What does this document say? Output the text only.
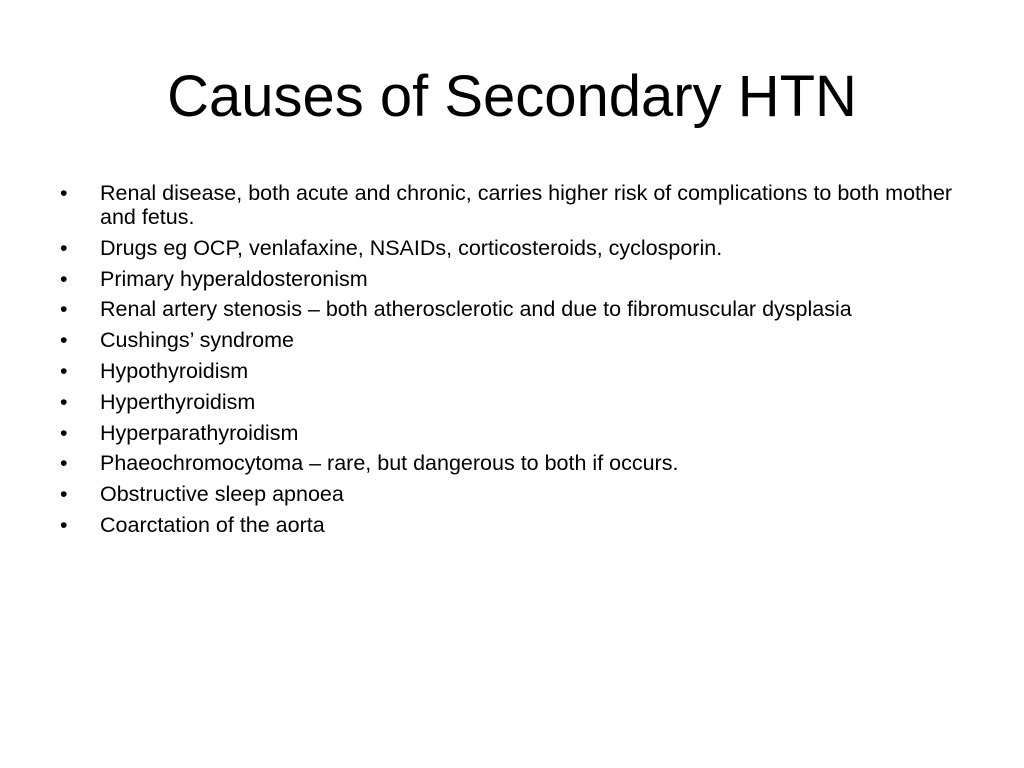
Causes of Secondary HTN
•	Renal disease, both acute and chronic, carries higher risk of complications to both mother and fetus.
•	Drugs eg OCP, venlafaxine, NSAIDs, corticosteroids, cyclosporin.
•	Primary hyperaldosteronism
•	Renal artery stenosis – both atherosclerotic and due to fibromuscular dysplasia
•	Cushings’ syndrome
•	Hypothyroidism
•	Hyperthyroidism
•	Hyperparathyroidism
•	Phaeochromocytoma – rare, but dangerous to both if occurs.
•	Obstructive sleep apnoea
•	Coarctation of the aorta
